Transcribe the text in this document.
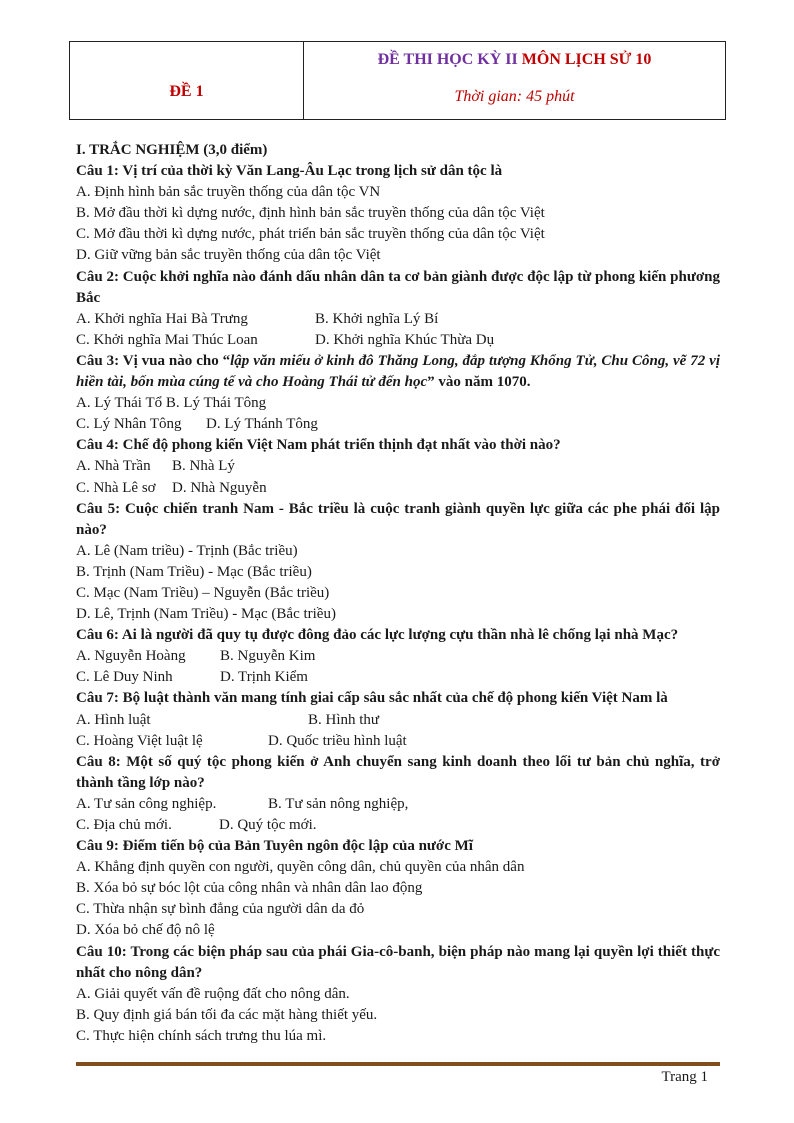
ĐỀ 1	
ĐỀ THI HỌC KỲ II MÔN LỊCH SỬ 10
Thời gian: 45 phút
I. TRẮC NGHIỆM (3,0 điểm)
Câu 1: Vị trí của thời kỳ Văn Lang-Âu Lạc trong lịch sử dân tộc là
A. Định hình bản sắc truyền thống của dân tộc VN
B. Mở đầu thời kì dựng nước, định hình bản sắc truyền thống của dân tộc Việt
C. Mở đầu thời kì dựng nước, phát triển bản sắc truyền thống của dân tộc Việt
D. Giữ vững bản sắc truyền thống của dân tộc Việt
Câu 2: Cuộc khởi nghĩa nào đánh dấu nhân dân ta cơ bản giành được độc lập từ phong kiến phương Bắc
A. Khởi nghĩa Hai Bà Trưng	B. Khởi nghĩa Lý Bí
C. Khởi nghĩa Mai Thúc Loan	D. Khởi nghĩa Khúc Thừa Dụ
Câu 3: Vị vua nào cho “lập văn miếu ở kinh đô Thăng Long, đắp tượng Khổng Tử, Chu Công, vẽ 72 vị hiền tài, bốn mùa cúng tế và cho Hoàng Thái tử đến học” vào năm 1070.
A. Lý Thái Tổ B. Lý Thái Tông
C. Lý Nhân Tông	D. Lý Thánh Tông
Câu 4: Chế độ phong kiến Việt Nam phát triển thịnh đạt nhất vào thời nào?
A. Nhà Trần	B. Nhà Lý
C. Nhà Lê sơ	D. Nhà Nguyễn
Câu 5: Cuộc chiến tranh Nam - Bắc triều là cuộc tranh giành quyền lực giữa các phe phái đối lập nào?
A. Lê (Nam triều) - Trịnh (Bắc triều)
B. Trịnh (Nam Triều) - Mạc (Bắc triều)
C. Mạc (Nam Triều) – Nguyễn (Bắc triều)
D. Lê, Trịnh (Nam Triều) - Mạc (Bắc triều)
Câu 6: Ai là người đã quy tụ được đông đảo các lực lượng cựu thần nhà lê chống lại nhà Mạc?
A. Nguyễn Hoàng	B. Nguyễn Kim
C. Lê Duy Ninh	D. Trịnh Kiểm
Câu 7: Bộ luật thành văn mang tính giai cấp sâu sắc nhất của chế độ phong kiến Việt Nam là
A. Hình luật	B. Hình thư
C. Hoàng Việt luật lệ	D. Quốc triều hình luật
Câu 8: Một số quý tộc phong kiến ở Anh chuyển sang kinh doanh theo lối tư bản chủ nghĩa, trở thành tầng lớp nào?
A. Tư sản công nghiệp.	B. Tư sản nông nghiệp,
C. Địa chủ mới.	D. Quý tộc mới.
Câu 9: Điểm tiến bộ của Bản Tuyên ngôn độc lập của nước Mĩ
A. Khẳng định quyền con người, quyền công dân, chủ quyền của nhân dân
B. Xóa bỏ sự bóc lột của công nhân và nhân dân lao động
C. Thừa nhận sự bình đẳng của người dân da đỏ
D. Xóa bỏ chế độ nô lệ
Câu 10: Trong các biện pháp sau của phái Gia-cô-banh, biện pháp nào mang lại quyền lợi thiết thực nhất cho nông dân?
A. Giải quyết vấn đề ruộng đất cho nông dân.
B. Quy định giá bán tối đa các mặt hàng thiết yếu.
C. Thực hiện chính sách trưng thu lúa mì.
Trang 1
